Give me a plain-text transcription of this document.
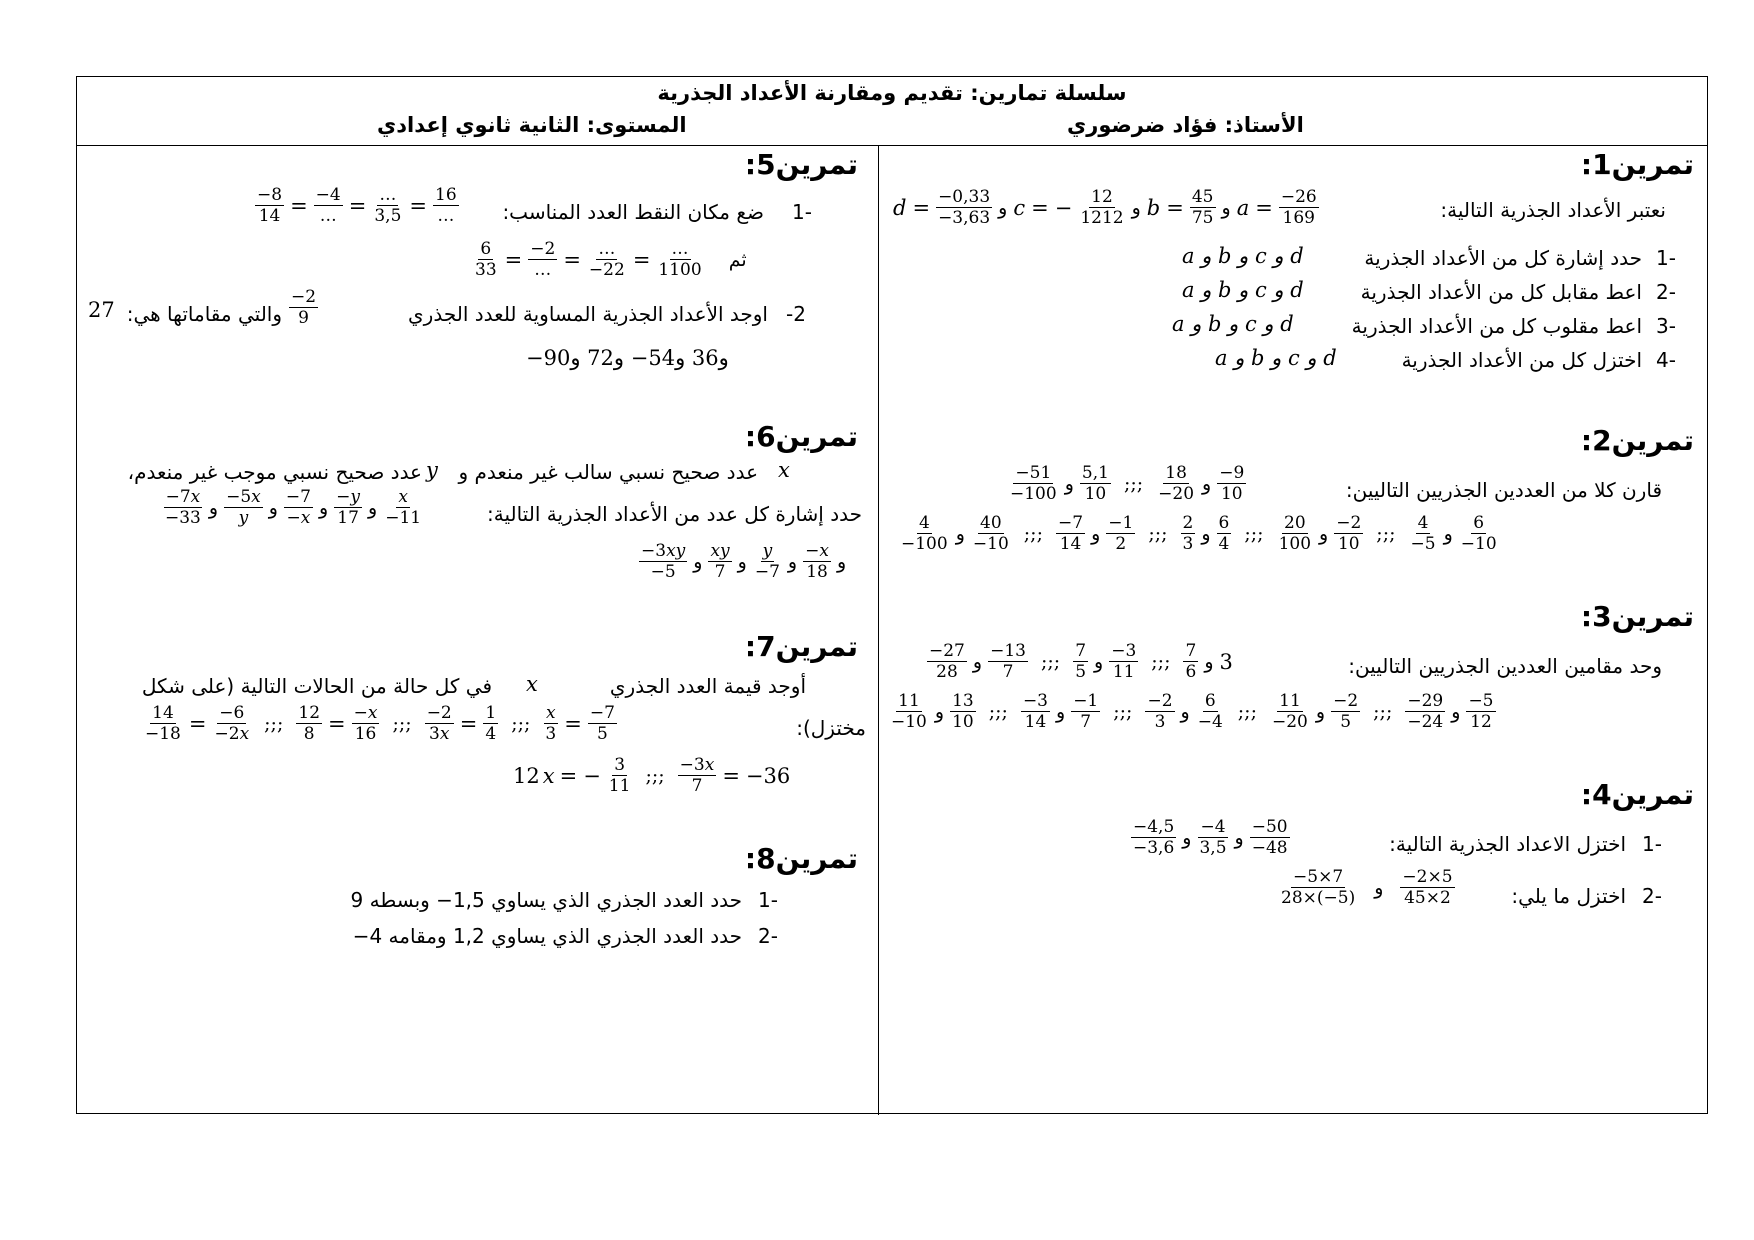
سلسلة تمارين: تقديم ومقارنة الأعداد الجذرية
الأستاذ: فؤاد ضرضوري
المستوى: الثانية ثانوي إعدادي
تمرين1:
$d = \frac{-0,33}{-3,63}$ و c = − $\frac{12}{1212}$ و $b = \frac{45}{75}$ و $a = \frac{-26}{169}$	نعتبر الأعداد الجذرية التالية:
-1
حدد إشارة كل من الأعداد الجذرية
d و c و b و a
-2
اعط مقابل كل من الأعداد الجذرية
d و c و b و a
-3
اعط مقلوب كل من الأعداد الجذرية
d و c و b و a
-4
اختزل كل من الأعداد الجذرية
d و c و b و a
تمرين2:
قارن كلا من العددين الجذريين التاليين:
$\frac{-51}{-100}$ و $\frac{5,1}{10}$ ;;; $\frac{18}{-20}$ و $\frac{-9}{10}$
$\frac{4}{-100}$ و $\frac{40}{-10}$ ;;; $\frac{-7}{14}$ و $\frac{-1}{2}$ ;;; $\frac{2}{3}$ و $\frac{6}{4}$ ;;; $\frac{20}{100}$ و $\frac{-2}{10}$ ;;; $\frac{4}{-5}$ و $\frac{6}{-10}$
تمرين3:
وحد مقامين العددين الجذريين التاليين:
$\frac{-27}{28}$ و $\frac{-13}{7}$ ;;; $\frac{7}{5}$ و $\frac{-3}{11}$ ;;; $\frac{7}{6}$ و 3
$\frac{11}{-10}$ و $\frac{13}{10}$ ;;; $\frac{-3}{14}$ و $\frac{-1}{7}$ ;;; $\frac{-2}{3}$ و $\frac{6}{-4}$ ;;; $\frac{11}{-20}$ و $\frac{-2}{5}$ ;;; $\frac{-29}{-24}$ و $\frac{-5}{12}$
تمرين4:
-1
اختزل الاعداد الجذرية التالية:
$\frac{-4,5}{-3,6}$ و $\frac{-4}{3,5}$ و $\frac{-50}{-48}$
-2
اختزل ما يلي:
$\frac{-5\times 7}{28\times(-5)}$ و $\frac{-2\times 5}{45\times 2}$
تمرين5:
-1
ضع مكان النقط العدد المناسب:
$\frac{-8}{14} = \frac{-4}{\dots} = \frac{\dots}{3,5} = \frac{16}{\dots}$
$\frac{6}{33} = \frac{-2}{\dots} = \frac{\dots}{-22} = \frac{\dots}{1100}$ ثم
2-
اوجد الأعداد الجذرية المساوية للعدد الجذري
$\frac{-2}{9}$
والتي مقاماتها هي:
27
و36 و54− و72 و90−
تمرين6:
x
عدد صحيح نسبي سالب غير منعدم و
y
عدد صحيح نسبي موجب غير منعدم،
حدد إشارة كل عدد من الأعداد الجذرية التالية:
$\frac{-7x}{-33}$ و $\frac{-5x}{y}$ و $\frac{-7}{-x}$ و $\frac{-y}{17}$ و $\frac{x}{-11}$
$\frac{-3xy}{-5}$ و $\frac{xy}{7}$ و $\frac{y}{-7}$ و $\frac{-x}{18}$ و
تمرين7:
أوجد قيمة العدد الجذري
x
في كل حالة من الحالات التالية (على شكل
مختزل):
$\frac{14}{-18} = \frac{-6}{-2x}$ ;;; $\frac{12}{8} = \frac{-x}{16}$ ;;; $\frac{-2}{3x} = \frac{1}{4}$ ;;; $\frac{x}{3} = \frac{-7}{5}$
12 x = − $\frac{3}{11}$ ;;; $\frac{-3x}{7} = -36$
تمرين8:
-1
حدد العدد الجذري الذي يساوي 1,5− وبسطه 9
-2
حدد العدد الجذري الذي يساوي 1,2 ومقامه 4−
